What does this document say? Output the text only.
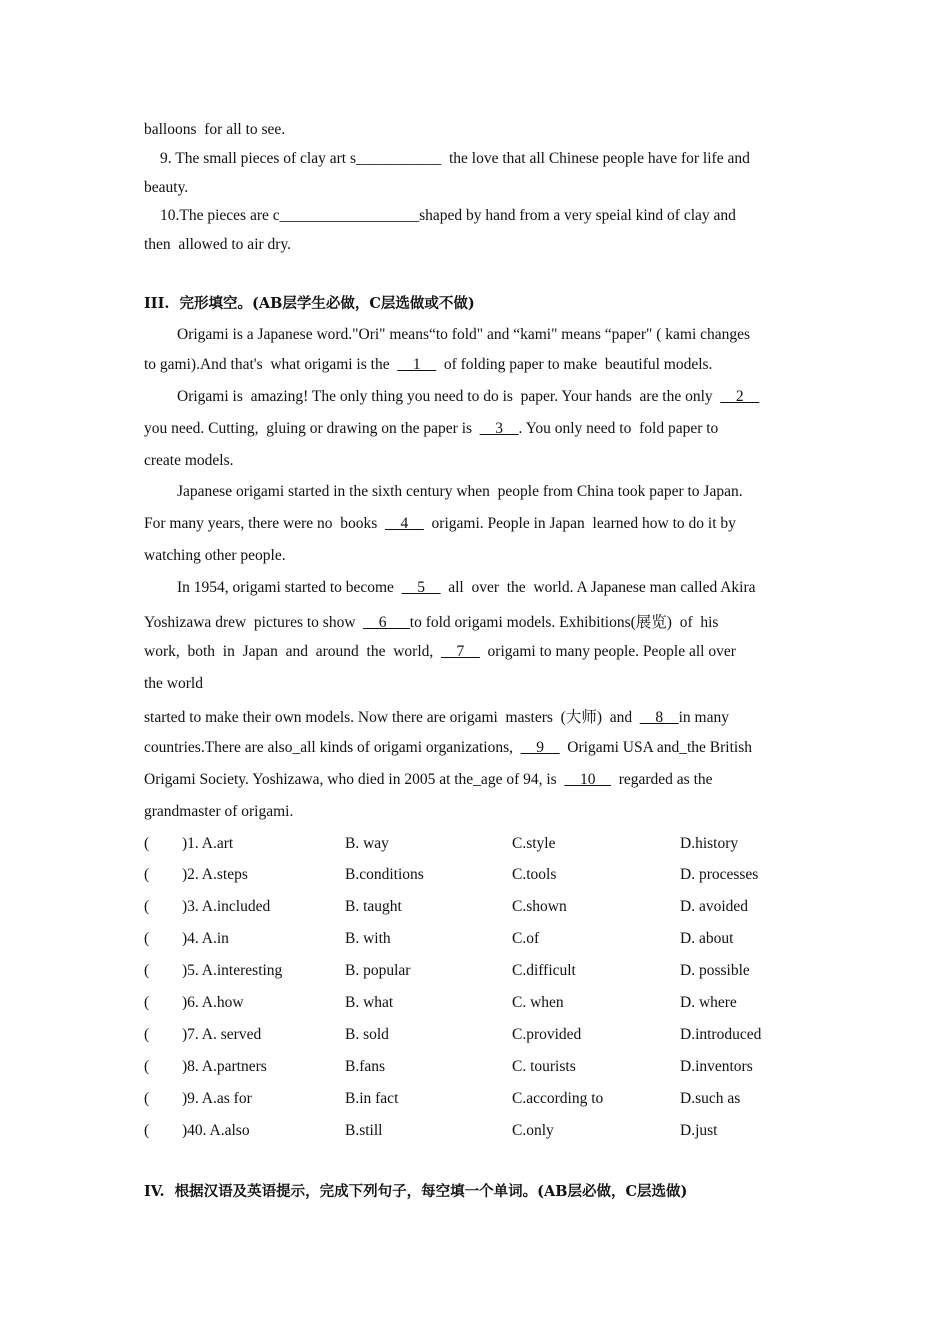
balloons  for all to see.
9. The small pieces of clay art s___________  the love that all Chinese people have for life and
beauty.
10.The pieces are c__________________shaped by hand from a very speial kind of clay and
then  allowed to air dry.
III.  完形填空。(AB层学生必做，C层选做或不做)
Origami is a Japanese word."Ori" means“to fold" and “kami" means “paper" ( kami changes
to gami).And that's  what origami is the  __1__  of folding paper to make  beautiful models.
Origami is  amazing! The only thing you need to do is  paper. Your hands  are the only  __2__
you need. Cutting,  gluing or drawing on the paper is  __3__. You only need to  fold paper to
create models.
Japanese origami started in the sixth century when  people from China took paper to Japan.
For many years, there were no  books  __4__  origami. People in Japan  learned how to do it by
watching other people.
In 1954, origami started to become  __5__  all  over  the  world. A Japanese man called Akira
Yoshizawa drew  pictures to show  __6___to fold origami models. Exhibitions(展览)  of  his
work,  both  in  Japan  and  around  the  world,  __7__  origami to many people. People all over
the world
started to make their own models. Now there are origami  masters  (大师)  and  __8__in many
countries.There are also_all kinds of origami organizations,  __9__  Origami USA and_the British
Origami Society. Yoshizawa, who died in 2005 at the_age of 94, is  __10__  regarded as the
grandmaster of origami.
( )1. A.art	B. way	C.style	D.history
( )2. A.steps	B.conditions	C.tools	D. processes
( )3. A.included	B. taught	C.shown	D. avoided
( )4. A.in	B. with	C.of	D. about
( )5. A.interesting	B. popular	C.difficult	D. possible
( )6. A.how	B. what	C. when	D. where
( )7. A. served	B. sold	C.provided	D.introduced
( )8. A.partners	B.fans	C. tourists	D.inventors
( )9. A.as for	B.in fact	C.according to	D.such as
( )40. A.also	B.still	C.only	D.just
IV.  根据汉语及英语提示，完成下列句子，每空填一个单词。(AB层必做，C层选做)
